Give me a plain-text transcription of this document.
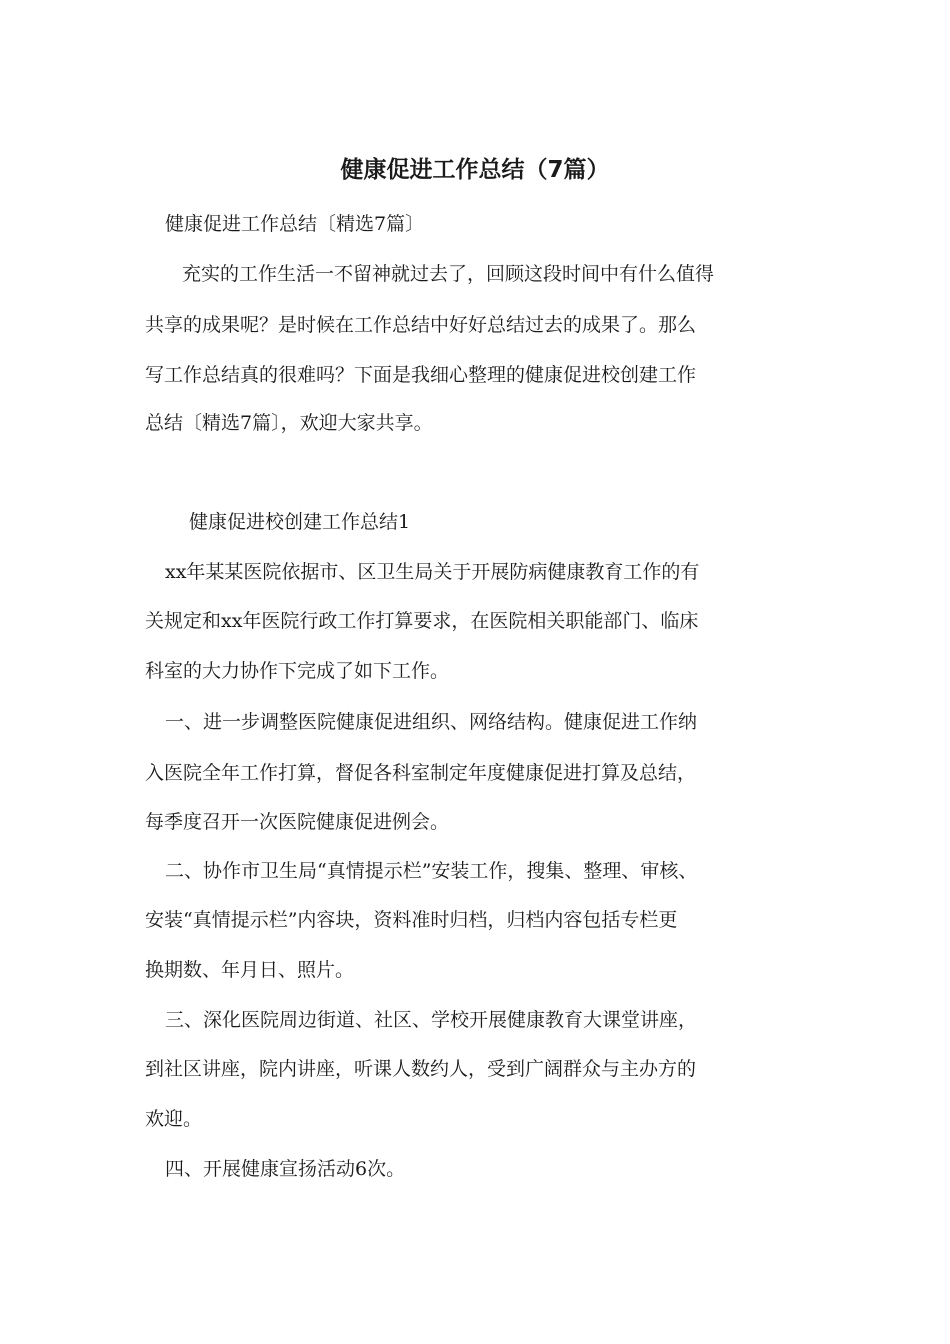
健康促进工作总结（7篇）
健康促进工作总结〔精选7篇〕
充实的工作生活一不留神就过去了，回顾这段时间中有什么值得
共享的成果呢？是时候在工作总结中好好总结过去的成果了。那么
写工作总结真的很难吗？下面是我细心整理的健康促进校创建工作
总结〔精选7篇〕，欢迎大家共享。
健康促进校创建工作总结1
xx年某某医院依据市、区卫生局关于开展防病健康教育工作的有
关规定和xx年医院行政工作打算要求，在医院相关职能部门、临床
科室的大力协作下完成了如下工作。
一、进一步调整医院健康促进组织、网络结构。健康促进工作纳
入医院全年工作打算，督促各科室制定年度健康促进打算及总结，
每季度召开一次医院健康促进例会。
二、协作市卫生局“真情提示栏”安装工作，搜集、整理、审核、
安装“真情提示栏”内容块，资料准时归档，归档内容包括专栏更
换期数、年月日、照片。
三、深化医院周边街道、社区、学校开展健康教育大课堂讲座，
到社区讲座，院内讲座，听课人数约人，受到广阔群众与主办方的
欢迎。
四、开展健康宣扬活动6次。
